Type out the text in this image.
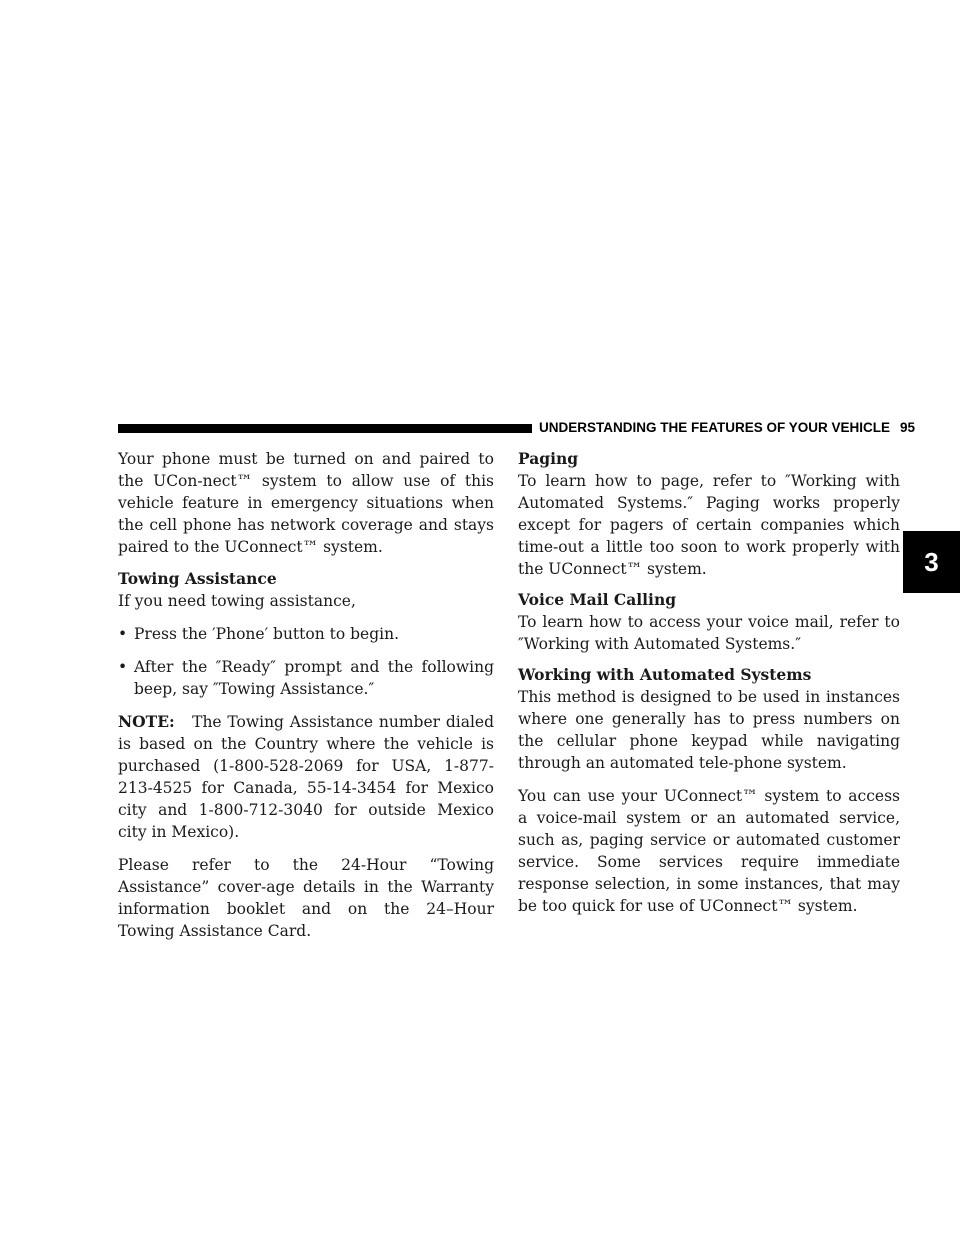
UNDERSTANDING THE FEATURES OF YOUR VEHICLE 95
3

Your phone must be turned on and paired to the UCon-nect™ system to allow use of this vehicle feature in emergency situations when the cell phone has network coverage and stays paired to the UConnect™ system.

Towing Assistance

If you need towing assistance,

• Press the ′Phone′ button to begin.
• After the ″Ready″ prompt and the following beep, say ″Towing Assistance.″

NOTE: The Towing Assistance number dialed is based on the Country where the vehicle is purchased (1-800-528-2069 for USA, 1-877-213-4525 for Canada, 55-14-3454 for Mexico city and 1-800-712-3040 for outside Mexico city in Mexico).

Please refer to the 24-Hour “Towing Assistance” cover-age details in the Warranty information booklet and on the 24–Hour Towing Assistance Card.

Paging

To learn how to page, refer to ″Working with Automated Systems.″ Paging works properly except for pagers of certain companies which time-out a little too soon to work properly with the UConnect™ system.

Voice Mail Calling

To learn how to access your voice mail, refer to ″Working with Automated Systems.″

Working with Automated Systems

This method is designed to be used in instances where one generally has to press numbers on the cellular phone keypad while navigating through an automated tele-phone system.

You can use your UConnect™ system to access a voice-mail system or an automated service, such as, paging service or automated customer service. Some services require immediate response selection, in some instances, that may be too quick for use of UConnect™ system.
